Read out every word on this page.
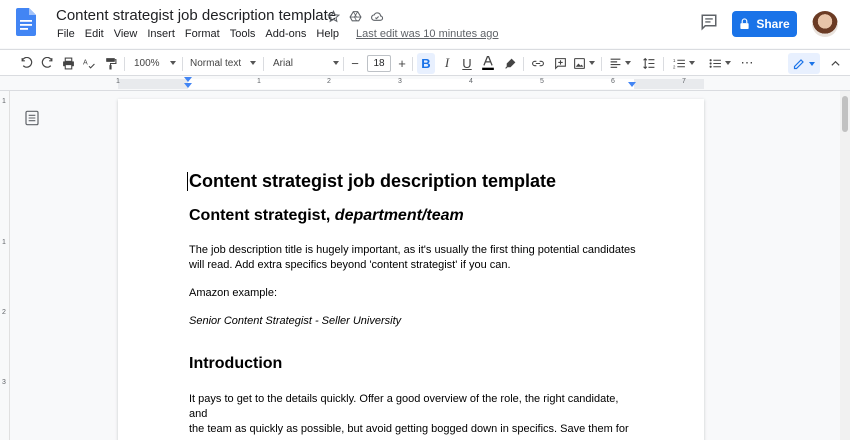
Content strategist job description template
File Edit View Insert Format Tools Add-ons Help	Last edit was 10 minutes ago
Share
A	100%	Normal text	Arial	−	18	+ B I U	1
2	⋯
1	1	2	3	4	5	6	7
1
1
2
3
Content strategist job description template
Content strategist, department/team
The job description title is hugely important, as it's usually the first thing potential candidates
will read. Add extra specifics beyond 'content strategist' if you can.
Amazon example:
Senior Content Strategist - Seller University
Introduction
It pays to get to the details quickly. Offer a good overview of the role, the right candidate, and
the team as quickly as possible, but avoid getting bogged down in specifics. Save them for
